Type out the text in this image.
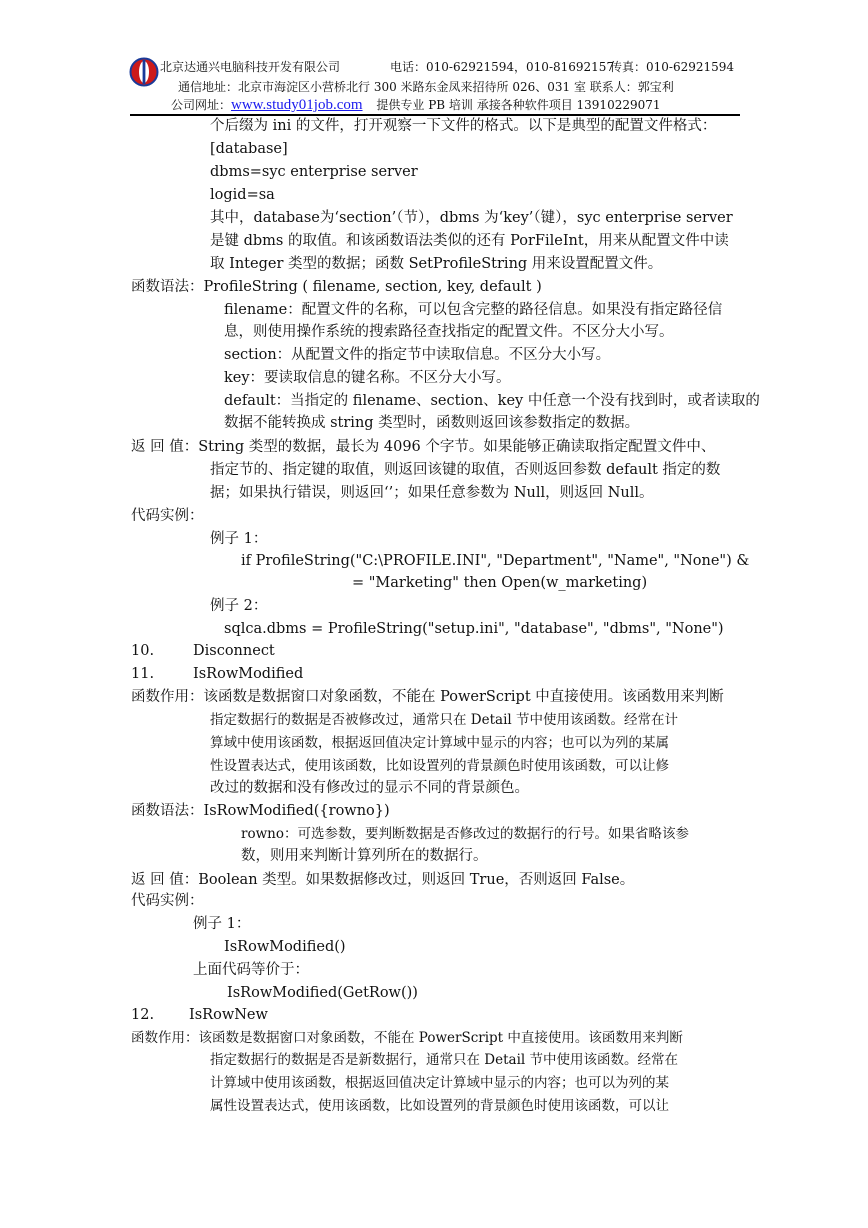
北京达通兴电脑科技开发有限公司	电话：010-62921594，010-81692157
传真：010-62921594
通信地址：北京市海淀区小营桥北行 300 米路东金凤来招待所 026、031 室 联系人：郭宝利
公司网址：www.study01job.com 提供专业 PB 培训 承接各种软件项目 13910229071
个后缀为 ini 的文件，打开观察一下文件的格式。以下是典型的配置文件格式：
[database]
dbms=syc enterprise server
logid=sa
其中，database为‘section’（节），dbms 为‘key’（键），syc enterprise server
是键 dbms 的取值。和该函数语法类似的还有 PorFileInt，用来从配置文件中读
取 Integer 类型的数据；函数 SetProfileString 用来设置配置文件。
函数语法：ProfileString ( filename, section, key, default )
filename：配置文件的名称，可以包含完整的路径信息。如果没有指定路径信
息，则使用操作系统的搜索路径查找指定的配置文件。不区分大小写。
section：从配置文件的指定节中读取信息。不区分大小写。
key：要读取信息的键名称。不区分大小写。
default：当指定的 filename、section、key 中任意一个没有找到时，或者读取的
数据不能转换成 string 类型时，函数则返回该参数指定的数据。
返 回 值：String 类型的数据，最长为 4096 个字节。如果能够正确读取指定配置文件中、
指定节的、指定键的取值，则返回该键的取值，否则返回参数 default 指定的数
据；如果执行错误，则返回‘’；如果任意参数为 Null，则返回 Null。
代码实例：
例子 1：
if ProfileString("C:\PROFILE.INI", "Department", "Name", "None") &
= "Marketing" then Open(w_marketing)
例子 2：
sqlca.dbms = ProfileString("setup.ini", "database", "dbms", "None")
10.	Disconnect
11.	IsRowModified
函数作用：该函数是数据窗口对象函数，不能在 PowerScript 中直接使用。该函数用来判断
指定数据行的数据是否被修改过，通常只在 Detail 节中使用该函数。经常在计
算域中使用该函数，根据返回值决定计算域中显示的内容；也可以为列的某属
性设置表达式，使用该函数，比如设置列的背景颜色时使用该函数，可以让修
改过的数据和没有修改过的显示不同的背景颜色。
函数语法：IsRowModified({rowno})
rowno：可选参数，要判断数据是否修改过的数据行的行号。如果省略该参
数，则用来判断计算列所在的数据行。
返 回 值：Boolean 类型。如果数据修改过，则返回 True，否则返回 False。
代码实例：
例子 1：
IsRowModified()
上面代码等价于：
IsRowModified(GetRow())
12. IsRowNew
函数作用：该函数是数据窗口对象函数，不能在 PowerScript 中直接使用。该函数用来判断
指定数据行的数据是否是新数据行，通常只在 Detail 节中使用该函数。经常在
计算域中使用该函数，根据返回值决定计算域中显示的内容；也可以为列的某
属性设置表达式，使用该函数，比如设置列的背景颜色时使用该函数，可以让
